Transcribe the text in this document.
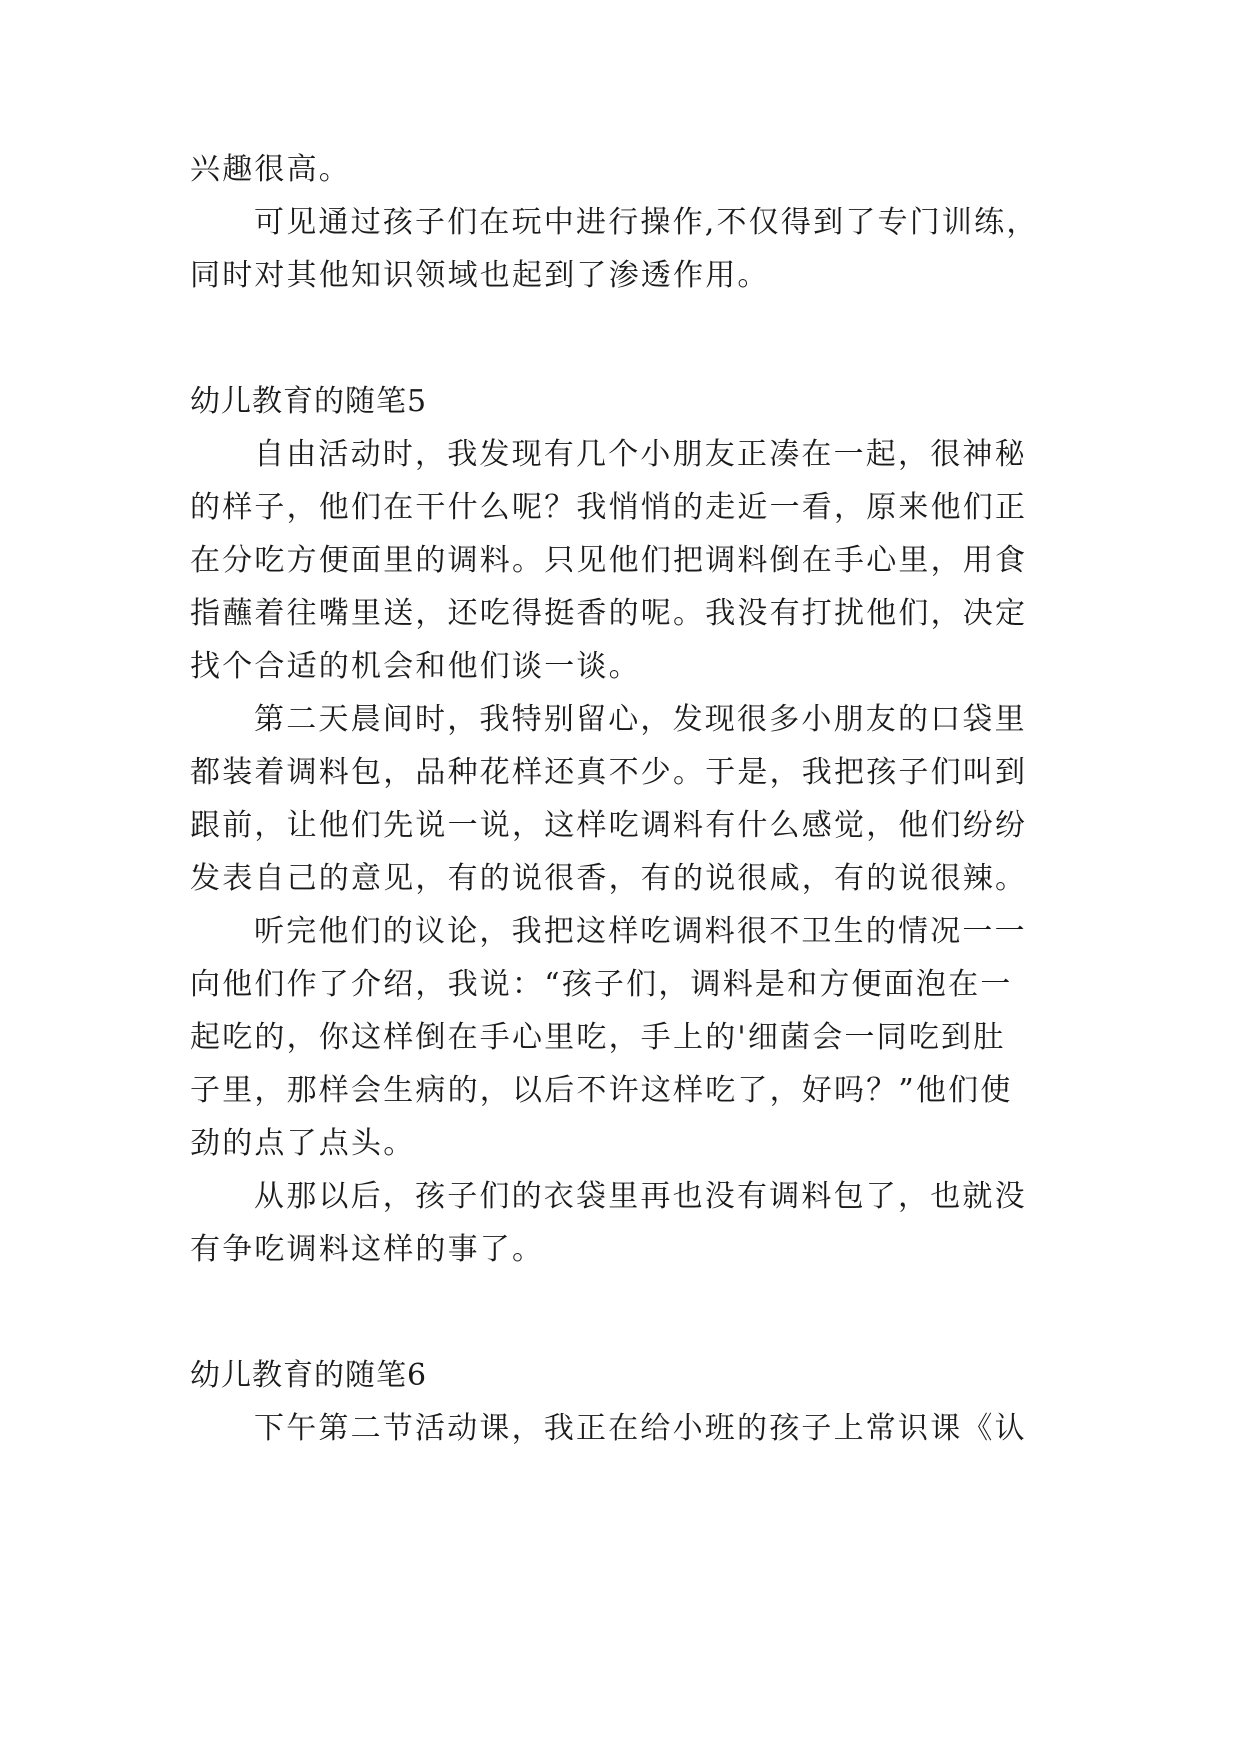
兴趣很高。

可见通过孩子们在玩中进行操作,不仅得到了专门训练，

同时对其他知识领域也起到了渗透作用。

幼儿教育的随笔5

自由活动时，我发现有几个小朋友正凑在一起，很神秘

的样子，他们在干什么呢？我悄悄的走近一看，原来他们正

在分吃方便面里的调料。只见他们把调料倒在手心里，用食

指蘸着往嘴里送，还吃得挺香的呢。我没有打扰他们，决定

找个合适的机会和他们谈一谈。

第二天晨间时，我特别留心，发现很多小朋友的口袋里

都装着调料包，品种花样还真不少。于是，我把孩子们叫到

跟前，让他们先说一说，这样吃调料有什么感觉，他们纷纷

发表自己的意见，有的说很香，有的说很咸，有的说很辣。

听完他们的议论，我把这样吃调料很不卫生的情况一一

向他们作了介绍，我说：“孩子们，调料是和方便面泡在一

起吃的，你这样倒在手心里吃，手上的'细菌会一同吃到肚

子里，那样会生病的，以后不许这样吃了，好吗？”他们使

劲的点了点头。

从那以后，孩子们的衣袋里再也没有调料包了，也就没

有争吃调料这样的事了。

幼儿教育的随笔6

下午第二节活动课，我正在给小班的孩子上常识课《认
